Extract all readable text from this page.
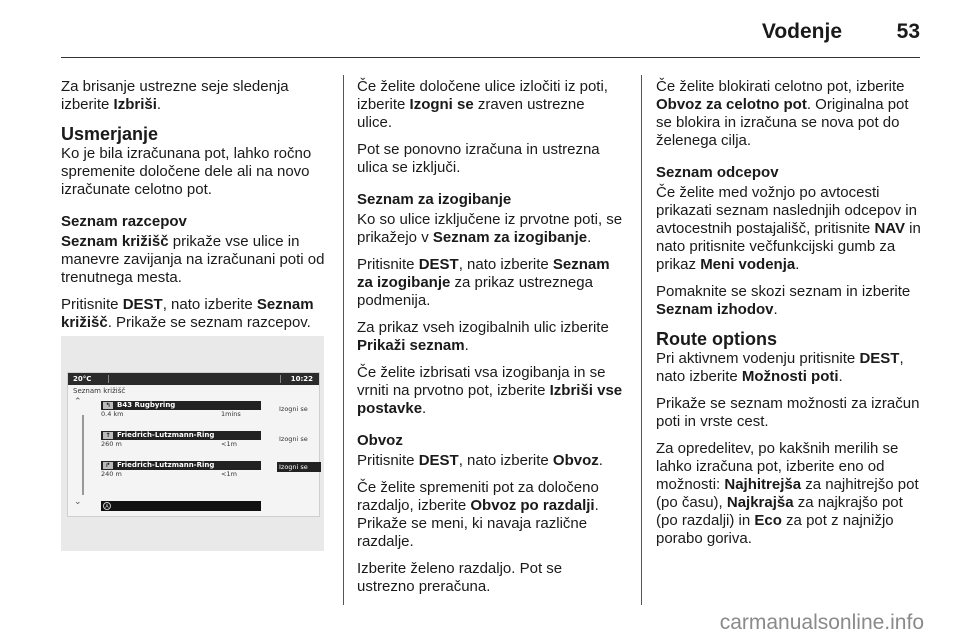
Vodenje	53

Za brisanje ustrezne seje sledenja izberite Izbriši.

Usmerjanje

Ko je bila izračunana pot, lahko ročno spremenite določene dele ali na novo izračunate celotno pot.

Seznam razcepov

Seznam križišč prikaže vse ulice in manevre zavijanja na izračunani poti od trenutnega mesta.

Pritisnite DEST, nato izberite Seznam križišč. Prikaže se seznam razcepov.

20°C	10:22
Seznam križišč
⌃
⌄
↰ B43 Rugbyring
0.4 km	1mins
Izogni se
↑ Friedrich-Lutzmann-Ring
260 m	<1m
Izogni se
↱ Friedrich-Lutzmann-Ring
240 m	<1m
Izogni se
A

Če želite določene ulice izločiti iz poti, izberite Izogni se zraven ustrezne ulice.

Pot se ponovno izračuna in ustrezna ulica se izključi.

Seznam za izogibanje

Ko so ulice izključene iz prvotne poti, se prikažejo v Seznam za izogibanje.

Pritisnite DEST, nato izberite Seznam za izogibanje za prikaz ustreznega podmenija.

Za prikaz vseh izogibalnih ulic izberite Prikaži seznam.

Če želite izbrisati vsa izogibanja in se vrniti na prvotno pot, izberite Izbriši vse postavke.

Obvoz

Pritisnite DEST, nato izberite Obvoz.

Če želite spremeniti pot za določeno razdaljo, izberite Obvoz po razdalji. Prikaže se meni, ki navaja različne razdalje.

Izberite želeno razdaljo. Pot se ustrezno preračuna.

Če želite blokirati celotno pot, izberite Obvoz za celotno pot. Originalna pot se blokira in izračuna se nova pot do želenega cilja.

Seznam odcepov

Če želite med vožnjo po avtocesti prikazati seznam naslednjih odcepov in avtocestnih postajališč, pritisnite NAV in nato pritisnite večfunkcijski gumb za prikaz Meni vodenja.

Pomaknite se skozi seznam in izberite Seznam izhodov.

Route options

Pri aktivnem vodenju pritisnite DEST, nato izberite Možnosti poti.

Prikaže se seznam možnosti za izračun poti in vrste cest.

Za opredelitev, po kakšnih merilih se lahko izračuna pot, izberite eno od možnosti: Najhitrejša za najhitrejšo pot (po času), Najkrajša za najkrajšo pot (po razdalji) in Eco za pot z najnižjo porabo goriva.

carmanualsonline.info
